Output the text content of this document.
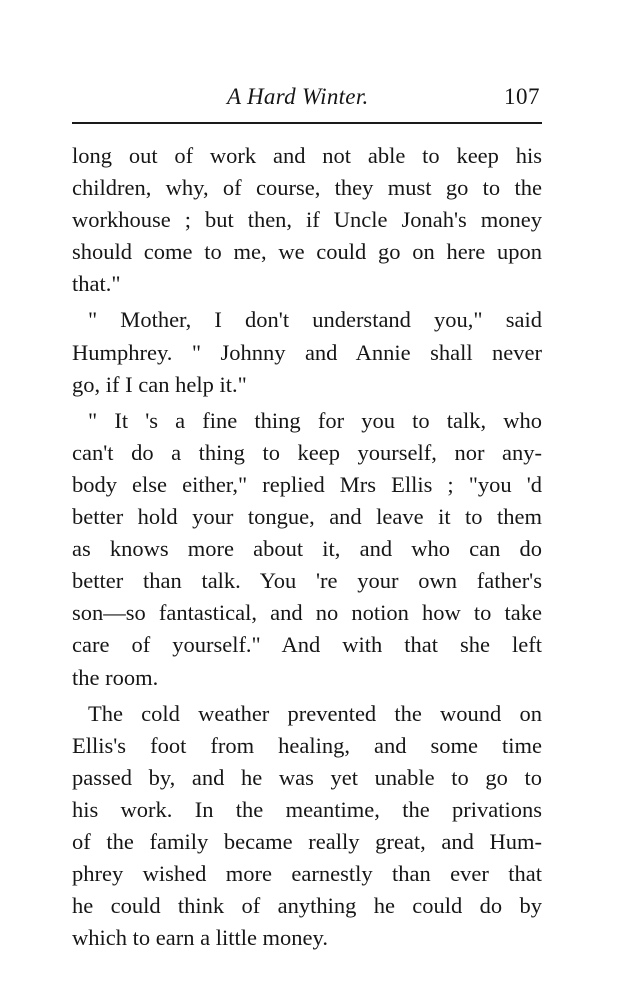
A Hard Winter.	107
long out of work and not able to keep his
children, why, of course, they must go to the
workhouse ; but then, if Uncle Jonah's money
should come to me, we could go on here upon
that."
" Mother, I don't understand you," said
Humphrey. " Johnny and Annie shall never
go, if I can help it."
" It 's a fine thing for you to talk, who
can't do a thing to keep yourself, nor any-
body else either," replied Mrs Ellis ; "you 'd
better hold your tongue, and leave it to them
as knows more about it, and who can do
better than talk. You 're your own father's
son—so fantastical, and no notion how to take
care of yourself." And with that she left
the room.
The cold weather prevented the wound on
Ellis's foot from healing, and some time
passed by, and he was yet unable to go to
his work. In the meantime, the privations
of the family became really great, and Hum-
phrey wished more earnestly than ever that
he could think of anything he could do by
which to earn a little money.
